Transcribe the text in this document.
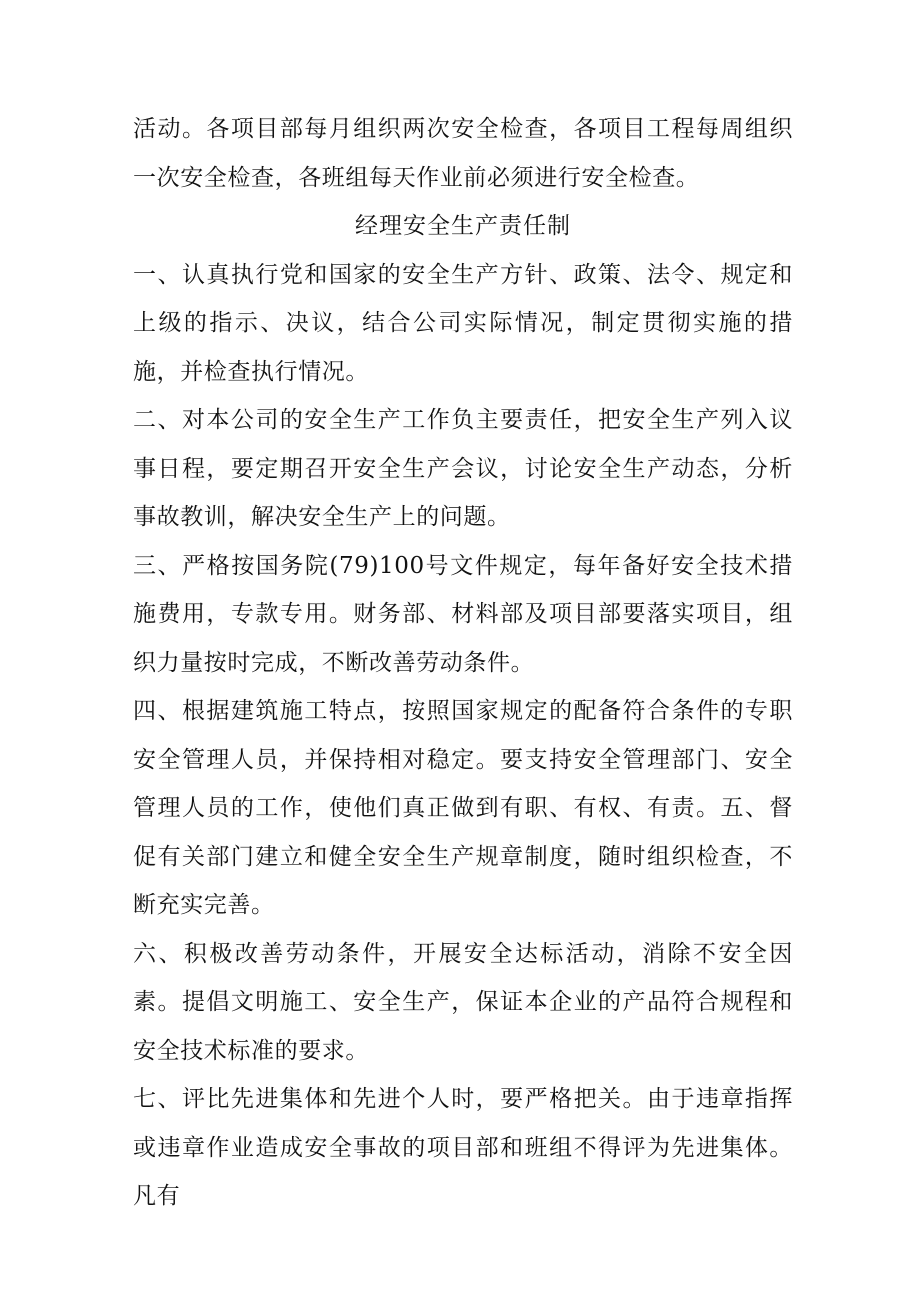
活动。各项目部每月组织两次安全检查，各项目工程每周组织一次安全检查，各班组每天作业前必须进行安全检查。

经理安全生产责任制

一、认真执行党和国家的安全生产方针、政策、法令、规定和上级的指示、决议，结合公司实际情况，制定贯彻实施的措施，并检查执行情况。

二、对本公司的安全生产工作负主要责任，把安全生产列入议事日程，要定期召开安全生产会议，讨论安全生产动态，分析事故教训，解决安全生产上的问题。

三、严格按国务院(79)100号文件规定，每年备好安全技术措施费用，专款专用。财务部、材料部及项目部要落实项目，组织力量按时完成，不断改善劳动条件。

四、根据建筑施工特点，按照国家规定的配备符合条件的专职安全管理人员，并保持相对稳定。要支持安全管理部门、安全管理人员的工作，使他们真正做到有职、有权、有责。五、督促有关部门建立和健全安全生产规章制度，随时组织检查，不断充实完善。

六、积极改善劳动条件，开展安全达标活动，消除不安全因素。提倡文明施工、安全生产，保证本企业的产品符合规程和安全技术标准的要求。

七、评比先进集体和先进个人时，要严格把关。由于违章指挥或违章作业造成安全事故的项目部和班组不得评为先进集体。凡有
